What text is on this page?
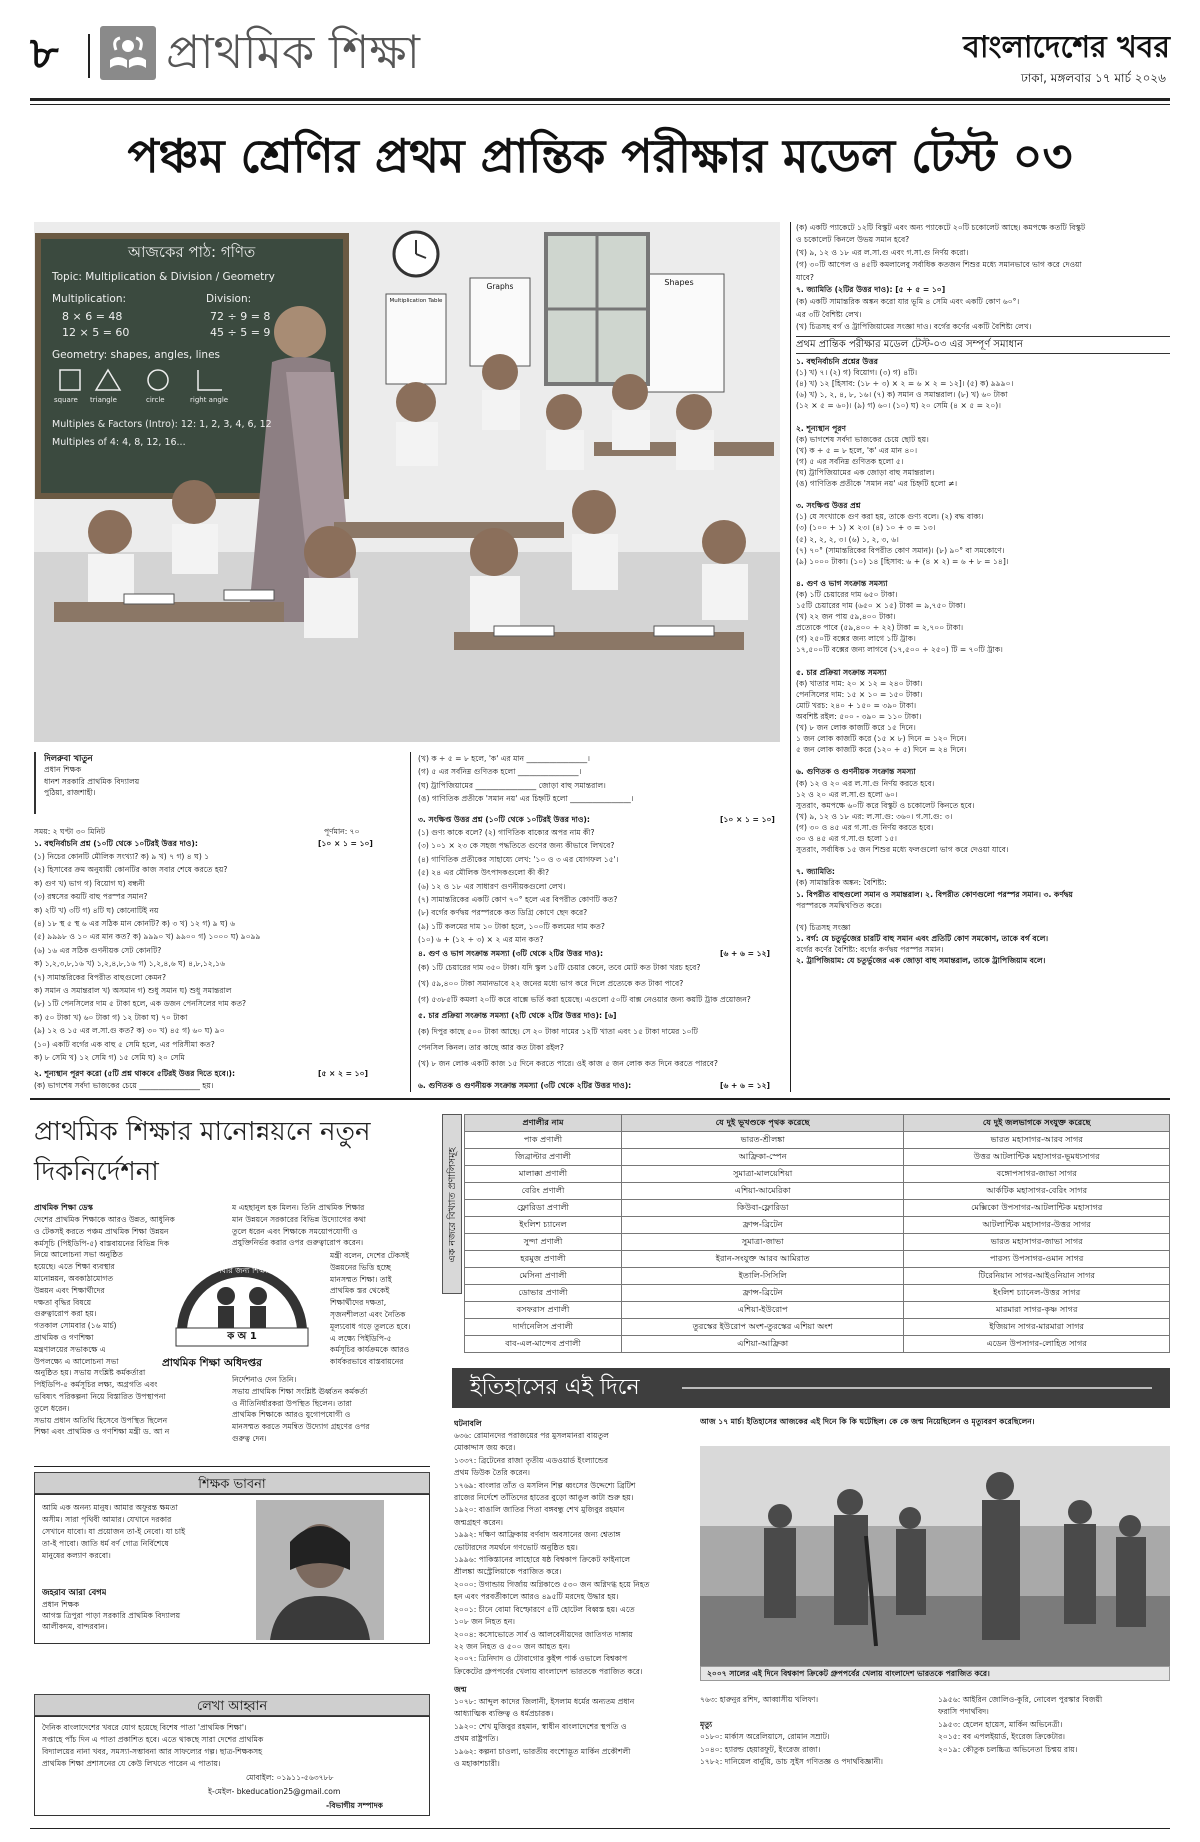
৮ প্রাথমিক শিক্ষা	বাংলাদেশের খবর
ঢাকা, মঙ্গলবার ১৭ মার্চ ২০২৬
পঞ্চম শ্রেণির প্রথম প্রান্তিক পরীক্ষার মডেল টেস্ট ০৩
আজকের পাঠ: গণিত
Topic: Multiplication & Division / Geometry
Multiplication:
8 × 6 = 48
12 × 5 = 60
Division:
72 ÷ 9 = 8
45 ÷ 5 = 9
Geometry: shapes, angles, lines
square triangle	circle	right angle
Multiples & Factors (Intro): 12: 1, 2, 3, 4, 6, 12
Multiples of 4: 4, 8, 12, 16...
Multiplication Table
Graphs	Shapes
দিলরুবা খাতুন
প্রধান শিক্ষক
ধানশ সরকারি প্রাথমিক বিদ্যালয়
পুঠিয়া, রাজশাহী।
সময়: ২ ঘণ্টা ৩০ মিনিট	পূর্ণমান: ৭০
১. বহুনির্বাচনি প্রশ্ন (১০টি থেকে ১০টিরই উত্তর দাও):	[১০ × ১ = ১০]
(১) নিচের কোনটি মৌলিক সংখ্যা? ক) ৯ খ) ৭ গ) ৪ ঘ) ১
(২) হিসাবের ক্রম অনুযায়ী কোনটির কাজ সবার শেষে করতে হয়?
ক) গুণ খ) ভাগ গ) বিয়োগ ঘ) বন্ধনী
(৩) রম্বসের কয়টি বাহু পরস্পর সমান?
ক) ২টি খ) ৩টি গ) ৪টি ঘ) কোনোটিই নয়
(৪) ১৮ স্থ ৫ স্থ ৬ এর সঠিক মান কোনটি? ক) ৩ খ) ১২ গ) ৯ ঘ) ৬
(৫) ৯৯৯৮ ও ১০ এর মান কত? ক) ৯৯৯০ খ) ৯৯০০ গ) ১০০০ ঘ) ৯০৯৯
(৬) ১৬ এর সঠিক গুণনীয়ক সেট কোনটি?
ক) ১,২,৩,৮,১৬ খ) ১,২,৪,৮,১৬ গ) ১,২,৪,৬ ঘ) ৪,৮,১২,১৬
(৭) সামান্তরিকের বিপরীত বাহুগুলো কেমন?
ক) সমান ও সমান্তরাল খ) অসমান গ) শুধু সমান ঘ) শুধু সমান্তরাল
(৮) ১টি পেনসিলের দাম ৫ টাকা হলে, এক ডজন পেনসিলের দাম কত?
ক) ৫০ টাকা খ) ৬০ টাকা গ) ১২ টাকা ঘ) ৭০ টাকা
(৯) ১২ ও ১৫ এর ল.সা.গু কত? ক) ৩০ খ) ৪৫ গ) ৬০ ঘ) ৯০
(১০) একটি বর্গের এক বাহু ৫ সেমি হলে, এর পরিসীমা কত?
ক) ৮ সেমি খ) ১২ সেমি গ) ১৫ সেমি ঘ) ২০ সেমি
২. শূন্যস্থান পূরণ করো (৫টি প্রশ্ন থাকবে ৫টিরই উত্তর দিতে হবে।):	[৫ × ২ = ১০]
(ক) ভাগশেষ সর্বদা ভাজকের চেয়ে ________________ হয়।
(খ) ক ÷ ৫ = ৮ হলে, 'ক' এর মান ________________।
(গ) ৫ এর সর্বনিম্ন গুণিতক হলো ________________।
(ঘ) ট্রাপিজিয়ামের ________________ জোড়া বাহু সমান্তরাল।
(ঙ) গাণিতিক প্রতীকে 'সমান নয়' এর চিহ্নটি হলো ________________।
৩. সংক্ষিপ্ত উত্তর প্রশ্ন (১০টি থেকে ১০টিরই উত্তর দাও):	[১০ × ১ = ১০]
(১) গুণ্য কাকে বলে? (২) গাণিতিক বাক্যের অপর নাম কী?
(৩) ১০১ × ২৩ কে সহজ পদ্ধতিতে গুণের জন্য কীভাবে লিখবে?
(৪) গাণিতিক প্রতীকের সাহায্যে লেখ: '১০ ও ৩ এর যোগফল ১৫'।
(৫) ২৪ এর মৌলিক উৎপাদকগুলো কী কী?
(৬) ১২ ও ১৮ এর সাধারণ গুণনীয়কগুলো লেখ।
(৭) সামান্তরিকের একটি কোণ ৭০° হলে এর বিপরীত কোণটি কত?
(৮) বর্গের কর্ণদ্বয় পরস্পরকে কত ডিগ্রি কোণে ছেদ করে?
(৯) ১টি কলমের দাম ১০ টাকা হলে, ১০০টি কলমের দাম কত?
(১০) ৬ + (১২ ÷ ৩) × ২ এর মান কত?
৪. গুণ ও ভাগ সংক্রান্ত সমস্যা (৩টি থেকে ২টির উত্তর দাও):	[৬ + ৬ = ১২]
(ক) ১টি চেয়ারের দাম ৩৫০ টাকা। যদি স্কুল ১৫টি চেয়ার কেনে, তবে মোট কত টাকা খরচ হবে?
(খ) ৫৯,৪০০ টাকা সমানভাবে ২২ জনের মধ্যে ভাগ করে দিলে প্রত্যেকে কত টাকা পাবে?
(গ) ৫৩৮৫টি কমলা ২০টি করে বাক্সে ভর্তি করা হয়েছে। এগুলো ৫০টি বাক্স নেওয়ার জন্য কয়টি ট্রাক প্রয়োজন?
৫. চার প্রক্রিয়া সংক্রান্ত সমস্যা (২টি থেকে ২টির উত্তর দাও): [৬]
(ক) দিপুর কাছে ৫০০ টাকা আছে। সে ২০ টাকা দামের ১২টি খাতা এবং ১৫ টাকা দামের ১০টি
পেনসিল কিনল। তার কাছে আর কত টাকা রইল?
(খ) ৮ জন লোক একটি কাজ ১৫ দিনে করতে পারে। ওই কাজ ৫ জন লোক কত দিনে করতে পারবে?
৬. গুণিতক ও গুণনীয়ক সংক্রান্ত সমস্যা (৩টি থেকে ২টির উত্তর দাও):	[৬ + ৬ = ১২]
(ক) একটি প্যাকেটে ১২টি বিস্কুট এবং অন্য প্যাকেটে ২০টি চকোলেট আছে। কমপক্ষে কতটি বিস্কুট
ও চকোলেট কিনলে উভয় সমান হবে?
(খ) ৯, ১২ ও ১৮ এর ল.সা.গু এবং গ.সা.গু নির্ণয় করো।
(গ) ৩০টি আপেল ও ৪৫টি কমলালেবু সর্বাধিক কতজন শিশুর মধ্যে সমানভাবে ভাগ করে দেওয়া
যাবে?
৭. জ্যামিতি (২টির উত্তর দাও): [৫ + ৫ = ১০]
(ক) একটি সামান্তরিক অঙ্কন করো যার ভূমি ৪ সেমি এবং একটি কোণ ৬০°।
এর ৩টি বৈশিষ্ট্য লেখ।
(খ) চিত্রসহ বর্গ ও ট্রাপিজিয়ামের সংজ্ঞা দাও। বর্গের কর্ণের একটি বৈশিষ্ট্য লেখ।
প্রথম প্রান্তিক পরীক্ষার মডেল টেস্ট-০৩ এর সম্পূর্ণ সমাধান
১. বহুনির্বাচনি প্রশ্নের উত্তর
(১) খ) ৭। (২) গ) বিয়োগ। (৩) গ) ৪টি।
(৪) খ) ১২ [হিসাব: (১৮ ÷ ৩) × ২ = ৬ × ২ = ১২]। (৫) ক) ৯৯৯০।
(৬) খ) ১, ২, ৪, ৮, ১৬। (৭) ক) সমান ও সমান্তরাল। (৮) খ) ৬০ টাকা
(১২ × ৫ = ৬০)। (৯) গ) ৬০। (১০) ঘ) ২০ সেমি (৪ × ৫ = ২০)।

২. শূন্যস্থান পূরণ
(ক) ভাগশেষ সর্বদা ভাজকের চেয়ে ছোট হয়।
(খ) ক ÷ ৫ = ৮ হলে, 'ক' এর মান ৪০।
(গ) ৫ এর সর্বনিম্ন গুণিতক হলো ৫।
(ঘ) ট্রাপিজিয়ামের এক জোড়া বাহু সমান্তরাল।
(ঙ) গাণিতিক প্রতীকে 'সমান নয়' এর চিহ্নটি হলো ≠।

৩. সংক্ষিপ্ত উত্তর প্রশ্ন
(১) যে সংখ্যাকে গুণ করা হয়, তাকে গুণ্য বলে। (২) বদ্ধ বাক্য।
(৩) (১০০ + ১) × ২৩। (৪) ১০ + ৩ = ১৩।
(৫) ২, ২, ২, ৩। (৬) ১, ২, ৩, ৬।
(৭) ৭০° (সামান্তরিকের বিপরীত কোণ সমান)। (৮) ৯০° বা সমকোণে।
(৯) ১০০০ টাকা। (১০) ১৪ [হিসাব: ৬ + (৪ × ২) = ৬ + ৮ = ১৪]।

৪. গুণ ও ভাগ সংক্রান্ত সমস্যা
(ক) ১টি চেয়ারের দাম ৬৫০ টাকা।
১৫টি চেয়ারের দাম (৬৫০ × ১৫) টাকা = ৯,৭৫০ টাকা।
(খ) ২২ জন পায় ৫৯,৪০০ টাকা।
প্রত্যেকে পাবে (৫৯,৪০০ ÷ ২২) টাকা = ২,৭০০ টাকা।
(গ) ২৫০টি বক্সের জন্য লাগে ১টি ট্রাক।
১৭,৫০০টি বক্সের জন্য লাগবে (১৭,৫০০ ÷ ২৫০) টি = ৭০টি ট্রাক।

৫. চার প্রক্রিয়া সংক্রান্ত সমস্যা
(ক) খাতার দাম: ২০ × ১২ = ২৪০ টাকা।
পেনসিলের দাম: ১৫ × ১০ = ১৫০ টাকা।
মোট খরচ: ২৪০ + ১৫০ = ৩৯০ টাকা।
অবশিষ্ট রইল: ৫০০ - ৩৯০ = ১১০ টাকা।
(খ) ৮ জন লোক কাজটি করে ১৫ দিনে।
১ জন লোক কাজটি করে (১৫ × ৮) দিনে = ১২০ দিনে।
৫ জন লোক কাজটি করে (১২০ ÷ ৫) দিনে = ২৪ দিনে।

৬. গুণিতক ও গুণনীয়ক সংক্রান্ত সমস্যা
(ক) ১২ ও ২০ এর ল.সা.গু নির্ণয় করতে হবে।
১২ ও ২০ এর ল.সা.গু হলো ৬০।
সুতরাং, কমপক্ষে ৬০টি করে বিস্কুট ও চকোলেট কিনতে হবে।
(খ) ৯, ১২ ও ১৮ এর: ল.সা.গু: ৩৬০। গ.সা.গু: ৩।
(গ) ৩০ ও ৪৫ এর গ.সা.গু নির্ণয় করতে হবে।
৩০ ও ৪৫ এর গ.সা.গু হলো ১৫।
সুতরাং, সর্বাধিক ১৫ জন শিশুর মধ্যে ফলগুলো ভাগ করে দেওয়া যাবে।

৭. জ্যামিতি:
(ক) সামান্তরিক অঙ্কন: বৈশিষ্ট্য:
১. বিপরীত বাহুগুলো সমান ও সমান্তরাল। ২. বিপরীত কোণগুলো পরস্পর সমান। ৩. কর্ণদ্বয়
পরস্পরকে সমদ্বিখণ্ডিত করে।

(খ) চিত্রসহ সংজ্ঞা
১. বর্গ: যে চতুর্ভুজের চারটি বাহু সমান এবং প্রতিটি কোণ সমকোণ, তাকে বর্গ বলে।
বর্গের কর্ণের বৈশিষ্ট্য: বর্গের কর্ণদ্বয় পরস্পর সমান।
২. ট্রাপিজিয়াম: যে চতুর্ভুজের এক জোড়া বাহু সমান্তরাল, তাকে ট্রাপিজিয়াম বলে।
প্রাথমিক শিক্ষার মানোন্নয়নে নতুন দিকনির্দেশনা
প্রাথমিক শিক্ষা ডেস্ক
দেশের প্রাথমিক শিক্ষাকে আরও উন্নত, আধুনিক
ও টেকসই করতে পঞ্চম প্রাথমিক শিক্ষা উন্নয়ন
কর্মসূচি (পিইডিপি-৫) বাস্তবায়নের বিভিন্ন দিক
নিয়ে আলোচনা সভা অনুষ্ঠিত
হয়েছে। এতে শিক্ষা ব্যবস্থার
মানোন্নয়ন, অবকাঠামোগত
উন্নয়ন এবং শিক্ষার্থীদের
দক্ষতা বৃদ্ধির বিষয়ে
গুরুত্বারোপ করা হয়।
গতকাল সোমবার (১৬ মার্চ)
প্রাথমিক ও গণশিক্ষা
মন্ত্রণালয়ের সভাকক্ষে এ
উপলক্ষ্যে এ আলোচনা সভা
অনুষ্ঠিত হয়। সভায় সংশ্লিষ্ট কর্মকর্তারা
পিইডিপি-৫ কর্মসূচির লক্ষ্য, অগ্রগতি এবং
ভবিষ্যৎ পরিকল্পনা নিয়ে বিস্তারিত উপস্থাপনা
তুলে ধরেন।
সভায় প্রধান অতিথি হিসেবে উপস্থিত ছিলেন
শিক্ষা এবং প্রাথমিক ও গণশিক্ষা মন্ত্রী ড. আ ন
ম এহছানুল হক মিলন। তিনি প্রাথমিক শিক্ষার
মান উন্নয়নে সরকারের বিভিন্ন উদ্যোগের কথা
তুলে ধরেন এবং শিক্ষাকে সময়োপযোগী ও
প্রযুক্তিনির্ভর করার ওপর গুরুত্বারোপ করেন।
মন্ত্রী বলেন, দেশের টেকসই
উন্নয়নের ভিত্তি হচ্ছে
মানসম্মত শিক্ষা। তাই
প্রাথমিক স্তর থেকেই
শিক্ষার্থীদের দক্ষতা,
সৃজনশীলতা এবং নৈতিক
মূল্যবোধ গড়ে তুলতে হবে।
এ লক্ষ্যে পিইডিপি-৫
কর্মসূচির কার্যক্রমকে আরও
কার্যকরভাবে বাস্তবায়নের
নির্দেশনাও দেন তিনি।
সভায় প্রাথমিক শিক্ষা সংশ্লিষ্ট ঊর্ধ্বতন কর্মকর্তা
ও নীতিনির্ধারকরা উপস্থিত ছিলেন। তারা
প্রাথমিক শিক্ষাকে আরও যুগোপযোগী ও
মানসম্মত করতে সমন্বিত উদ্যোগ গ্রহণের ওপর
গুরুত্ব দেন।
সবার জন্য শিক্ষা
ক অ 1
প্রাথমিক শিক্ষা অধিদপ্তর
শিক্ষক ভাবনা
আমি এক অনন্য মানুষ। আমার অফুরন্ত ক্ষমতা
অসীম। সারা পৃথিবী আমার। যেখানে দরকার
সেখানে যাবো। যা প্রয়োজন তা-ই নেবো। যা চাই
তা-ই পাবো। জাতি ধর্ম বর্ণ গোত্র নির্বিশেষে
মানুষের কল্যাণ করবো।
জহরাব আরা বেগম
প্রধান শিক্ষক
আগস্ত ত্রিপুরা পাড়া সরকারি প্রাথমিক বিদ্যালয়
আলীকদম, বান্দরবান।
লেখা আহ্বান
দৈনিক বাংলাদেশের খবরে যোগ হয়েছে বিশেষ পাতা 'প্রাথমিক শিক্ষা'।
সপ্তাহে পাঁচ দিন এ পাতা প্রকাশিত হবে। এতে থাকছে সারা দেশের প্রাথমিক
বিদ্যালয়ের নানা খবর, সমস্যা-সম্ভাবনা আর সাফল্যের গল্প। ছাত্র-শিক্ষকসহ
প্রাথমিক শিক্ষা প্রশাসনের যে কেউ লিখতে পারেন এ পাতায়।
মোবাইল: ০১৯১১-৫৬৩৭৮৮
ই-মেইল- bkeducation25@gmail.com
-বিভাগীয় সম্পাদক
এক নজরে বিখ্যাত প্রণালিসমূহ
প্রণালীর নাম	যে দুই ভূখণ্ডকে পৃথক করেছে	যে দুই জলভাগকে সংযুক্ত করেছে
পাক প্রণালী	ভারত-শ্রীলঙ্কা	ভারত মহাসাগর-আরব সাগর
জিব্রাল্টার প্রণালী	আফ্রিকা-স্পেন	উত্তর আটলান্টিক মহাসাগর-ভূমধ্যসাগর
মালাক্কা প্রণালী	সুমাত্রা-মালয়েশিয়া	বঙ্গোপসাগর-জাভা সাগর
বেরিং প্রণালী	এশিয়া-আমেরিকা	আর্কটিক মহাসাগর-বেরিং সাগর
ফ্লোরিডা প্রণালী	কিউবা-ফ্লোরিডা	মেক্সিকো উপসাগর-আটলান্টিক মহাসাগর
ইংলিশ চ্যানেল	ফ্রান্স-ব্রিটেন	আটলান্টিক মহাসাগর-উত্তর সাগর
সুন্দা প্রণালী	সুমাত্রা-জাভা	ভারত মহাসাগর-জাভা সাগর
হরমুজ প্রণালী	ইরান-সংযুক্ত আরব আমিরাত	পারস্য উপসাগর-ওমান সাগর
মেসিনা প্রণালী	ইতালি-সিসিলি	টিরেনিয়ান সাগর-আইওনিয়ান সাগর
ডোভার প্রণালী	ফ্রান্স-ব্রিটেন	ইংলিশ চ্যানেল-উত্তর সাগর
বসফরাস প্রণালী	এশিয়া-ইউরোপ	মারমারা সাগর-কৃষ্ণ সাগর
দার্দানেলিস প্রণালী	তুরস্কের ইউরোপ অংশ-তুরস্কের এশিয়া অংশ	ইজিয়ান সাগর-মারমারা সাগর
বাব-এল-মান্দেব প্রণালী	এশিয়া-আফ্রিকা	এডেন উপসাগর-লোহিত সাগর
ইতিহাসের এই দিনে
ঘটনাবলি
৬৩৬: রোমানদের পরাজয়ের পর মুসলমানরা বায়তুল
মোকাদ্দাস জয় করে।
১৩৩৭: ব্রিটেনের রাজা তৃতীয় এডওয়ার্ড ইংল্যান্ডের
প্রথম ডিউক তৈরি করেন।
১৭৬৯: বাংলার তাঁত ও মসলিন শিল্প ধ্বংসের উদ্দেশ্যে ব্রিটিশ
রাজের নির্দেশে তাঁতিদের হাতের বুড়ো আঙুল কাটা শুরু হয়।
১৯২০: বাঙালি জাতির পিতা বঙ্গবন্ধু শেখ মুজিবুর রহমান
জন্মগ্রহণ করেন।
১৯৯২: দক্ষিণ আফ্রিকায় বর্ণবাদ অবসানের জন্য শ্বেতাঙ্গ
ভোটারদের সমর্থনে গণভোট অনুষ্ঠিত হয়।
১৯৯৬: পাকিস্তানের লাহোরে ষষ্ঠ বিশ্বকাপ ক্রিকেট ফাইনালে
শ্রীলঙ্কা অস্ট্রেলিয়াকে পরাজিত করে।
২০০০: উগান্ডায় গির্জায় অগ্নিকাণ্ডে ৫৩০ জন অগ্নিদগ্ধ হয়ে নিহত
হন এবং পরবর্তীকালে আরও ৪৯৫টি মরদেহ উদ্ধার হয়।
২০০১: চীনে বোমা বিস্ফোরণে ৫টি হোটেল বিধ্বস্ত হয়। এতে
১০৮ জন নিহত হন।
২০০৪: কসোভোতে সার্ব ও আলবেনীয়দের জাতিগত দাঙ্গায়
২২ জন নিহত ও ৫০০ জন আহত হন।
২০০৭: ত্রিনিদাদ ও টোবাগোর কুইন্স পার্ক ওভালে বিশ্বকাপ
ক্রিকেটের গ্রুপপর্বের খেলায় বাংলাদেশ ভারতকে পরাজিত করে।
জন্ম
১০৭৮: আব্দুল কাদের জিলানী, ইসলাম ধর্মের অন্যতম প্রধান
আধ্যাত্মিক ব্যক্তিত্ব ও ধর্মপ্রচারক।
১৯২০: শেখ মুজিবুর রহমান, স্বাধীন বাংলাদেশের স্থপতি ও
প্রথম রাষ্ট্রপতি।
১৯৬২: কল্পনা চাওলা, ভারতীয় বংশোদ্ভূত মার্কিন প্রকৌশলী
ও মহাকাশচারী।
আজ ১৭ মার্চ। ইতিহাসের আজকের এই দিনে কি কি ঘটেছিল। কে কে জন্ম নিয়েছিলেন ও মৃত্যুবরণ করেছিলেন।
২০০৭ সালের এই দিনে বিশ্বকাপ ক্রিকেট গ্রুপপর্বের খেলায় বাংলাদেশ ভারতকে পরাজিত করে।
৭৬৩: হারুনুর রশিদ, আব্বাসীয় খলিফা।

মৃত্যু
০১৮০: মার্কাস অরেলিয়াসে, রোমান সম্রাট।
১০৪০: হ্যারল্ড হেয়ারফুট, ইংরেজ রাজা।
১৭৮২: দানিয়েল বার্নুয়ি, ডাচ সুইস গণিতজ্ঞ ও পদার্থবিজ্ঞানী।
১৯৫৬: আইরিন জোলিও-কুরি, নোবেল পুরস্কার বিজয়ী
ফরাসি পদার্থবিদ।
১৯৫৩: হেলেন হায়েস, মার্কিন অভিনেত্রী।
২০১৫: বব এপলইয়ার্ড, ইংরেজ ক্রিকেটার।
২০১৯: কৌতুক চলচ্চিত্র অভিনেতা চিন্ময় রায়।
